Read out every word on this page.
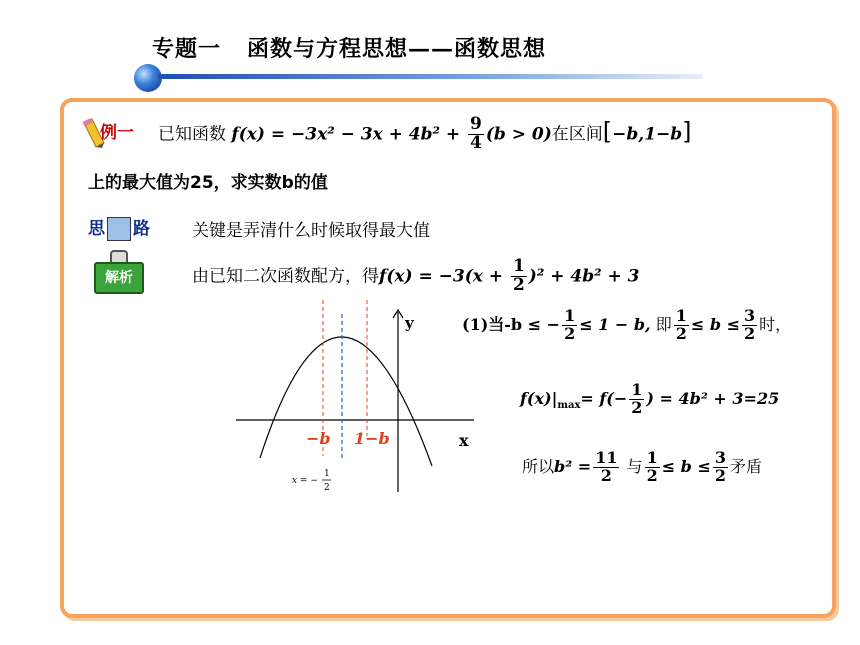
专题一 函数与方程思想——函数思想
例一 已知函数 $f(x) = -3x^2 - 3x + 4b^2 + \frac{9}{4} (b > 0)$在区间[−b,1−b]
上的最大值为25，求实数b的值
思 路 关键是弄清什么时候取得最大值
解析	由已知二次函数配方，得$f(x) = -3(x + \frac{1}{2} )^2 + 4b^2 + 3$
(1)当-b ≤ − $\frac{1}{2} \le 1 - b$, 即 $\frac{1}{2} \le b \le \frac{3}{2}$ 时，
$f(x)|_{max}= f(- \frac{1}{2}$ ) = 4b² + 3=25
所以$b^2 = \frac{11}{2}$ 与 $\frac{1}{2} \le b \le \frac{3}{2}$ 矛盾
y
x
−b 1−b
x = −
1
2
